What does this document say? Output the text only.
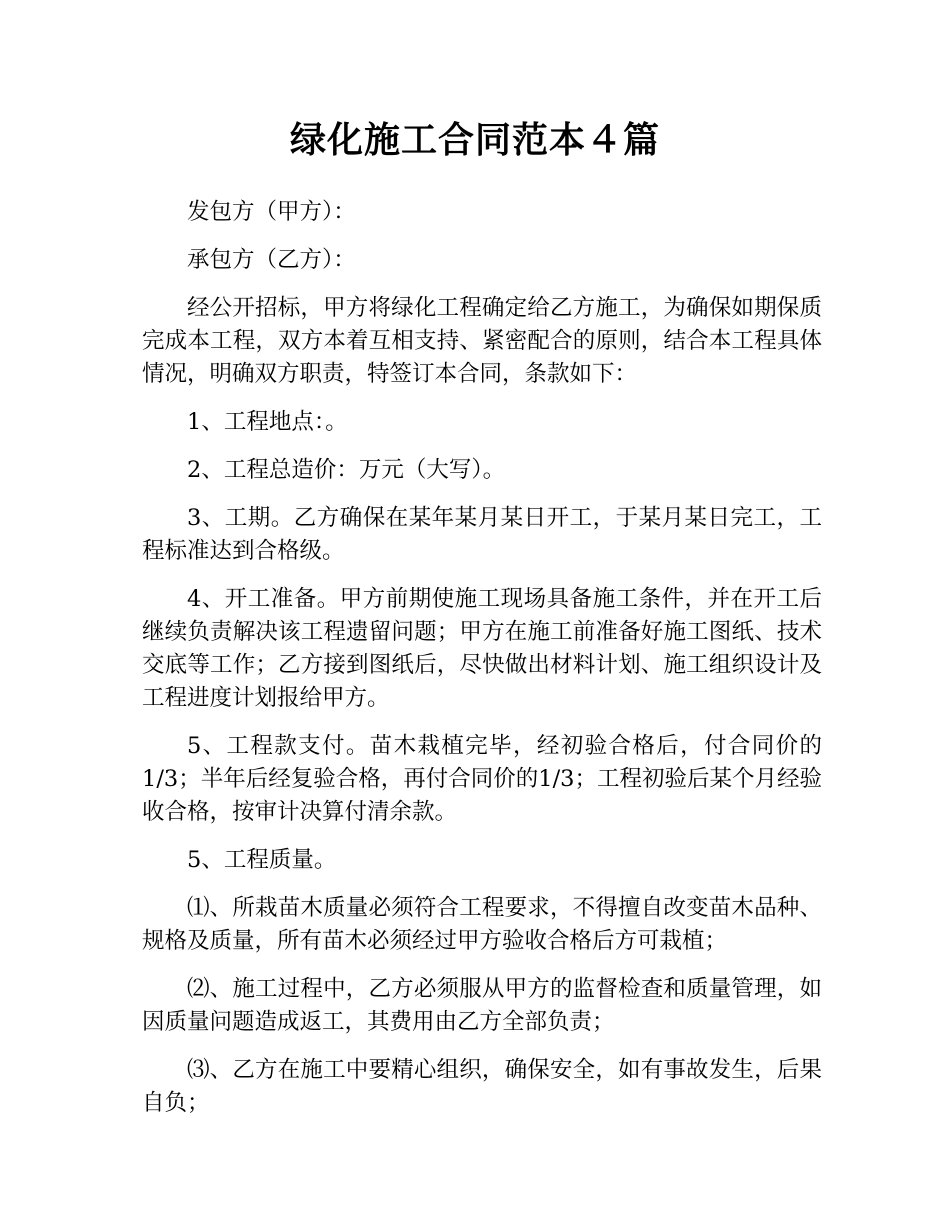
绿化施工合同范本４篇

发包方（甲方）：

承包方（乙方）：

经公开招标，甲方将绿化工程确定给乙方施工，为确保如期保质完成本工程，双方本着互相支持、紧密配合的原则，结合本工程具体情况，明确双方职责，特签订本合同，条款如下：

1、工程地点：。

2、工程总造价：万元（大写）。

3、工期。乙方确保在某年某月某日开工，于某月某日完工，工程标准达到合格级。

4、开工准备。甲方前期使施工现场具备施工条件，并在开工后继续负责解决该工程遗留问题；甲方在施工前准备好施工图纸、技术交底等工作；乙方接到图纸后，尽快做出材料计划、施工组织设计及工程进度计划报给甲方。

5、工程款支付。苗木栽植完毕，经初验合格后，付合同价的1/3；半年后经复验合格，再付合同价的1/3；工程初验后某个月经验收合格，按审计决算付清余款。

5、工程质量。

⑴、所栽苗木质量必须符合工程要求，不得擅自改变苗木品种、规格及质量，所有苗木必须经过甲方验收合格后方可栽植；

⑵、施工过程中，乙方必须服从甲方的监督检查和质量管理，如因质量问题造成返工，其费用由乙方全部负责；

⑶、乙方在施工中要精心组织，确保安全，如有事故发生，后果自负；
